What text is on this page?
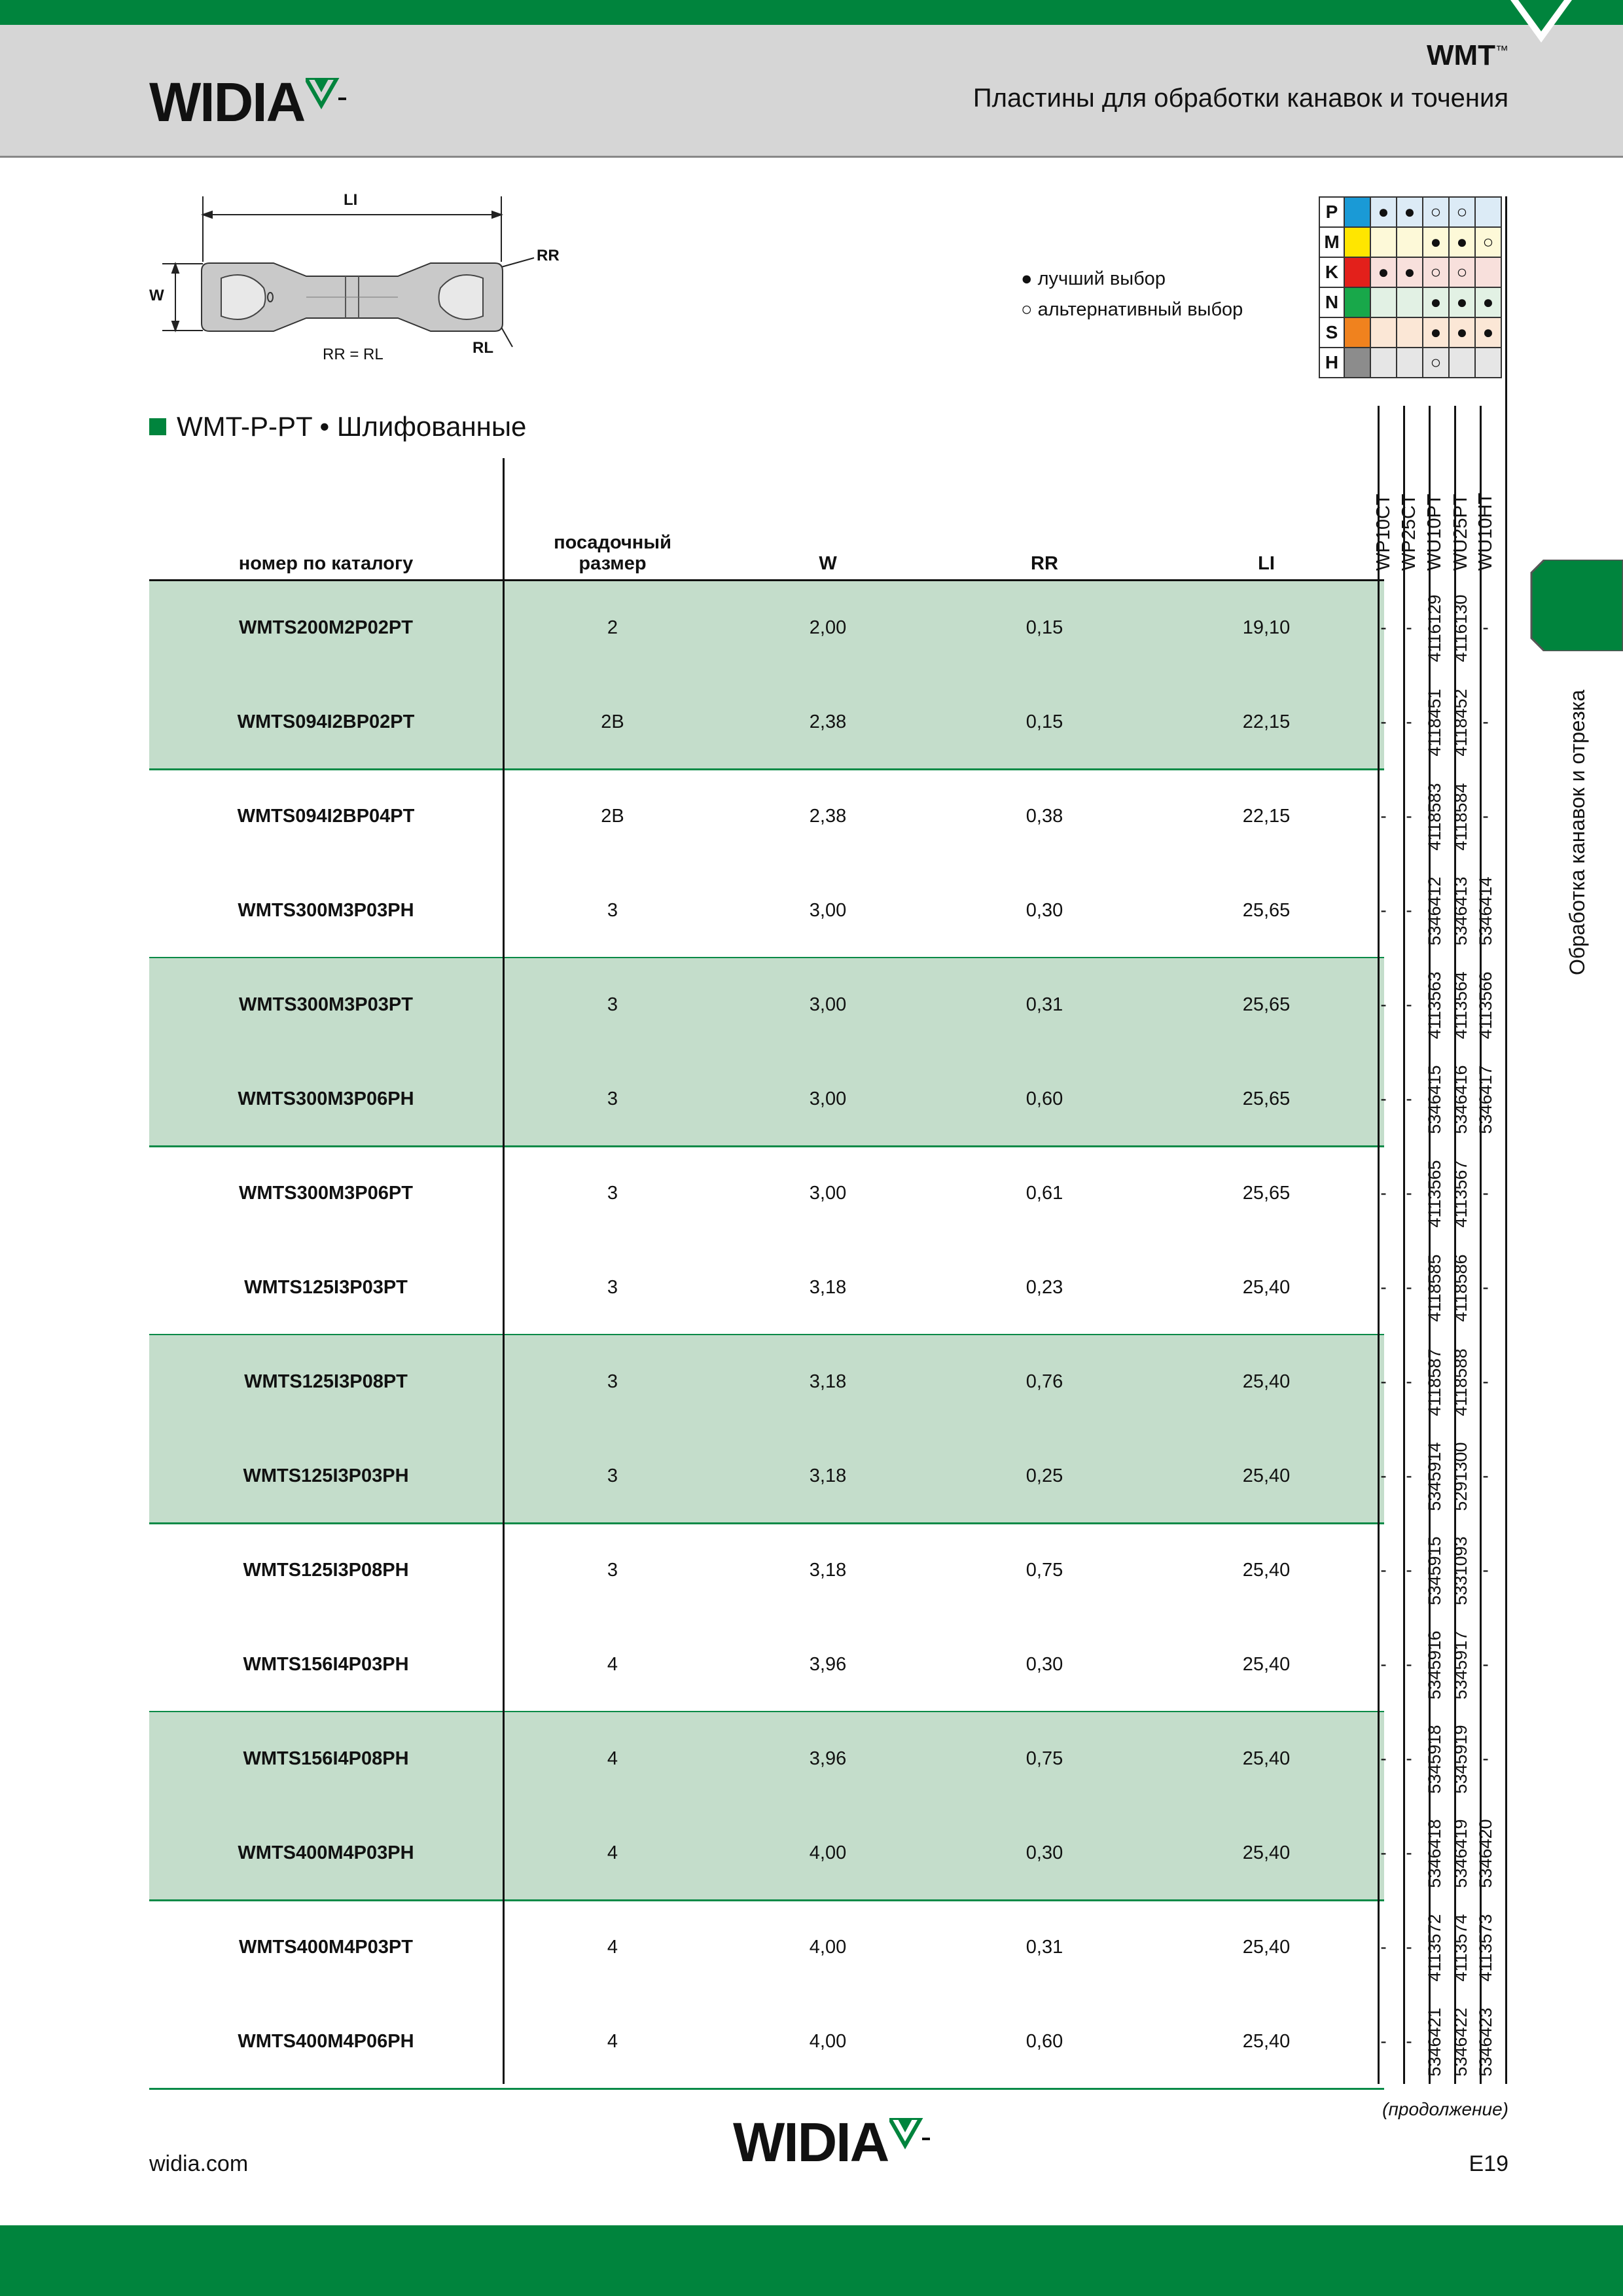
WIDIA
WMT™
Пластины для обработки канавок и точения
LI
W
RR
RL
RR = RL
● лучший выбор
○ альтернативный выбор
P		●	●	○	○	
M				●	●	○
K		●	●	○	○	
N				●	●	●
S				●	●	●
H				○		
WMT-P-PT • Шлифованные
номер по каталогу
посадочный
размер	W	RR	LI	WP10CT WP25CT WU10PT WU25PT WU10HT
WMTS200M2P02PT	2	2,00	0,15	19,10	- - 4116129 4116130 -
WMTS094I2BP02PT	2B	2,38	0,15	22,15	- - 4118451 4118452 -
WMTS094I2BP04PT	2B	2,38	0,38	22,15	- - 4118583 4118584 -
WMTS300M3P03PH	3	3,00	0,30	25,65	- - 5346412 5346413 5346414
WMTS300M3P03PT	3	3,00	0,31	25,65	- - 4113563 4113564 4113566
WMTS300M3P06PH	3	3,00	0,60	25,65	- - 5346415 5346416 5346417
WMTS300M3P06PT	3	3,00	0,61	25,65	- - 4113565 4113567 -
WMTS125I3P03PT	3	3,18	0,23	25,40	- - 4118585 4118586 -
WMTS125I3P08PT	3	3,18	0,76	25,40	- - 4118587 4118588 -
WMTS125I3P03PH	3	3,18	0,25	25,40	- - 5345914 5291300 -
WMTS125I3P08PH	3	3,18	0,75	25,40	- - 5345915 5331093 -
WMTS156I4P03PH	4	3,96	0,30	25,40	- - 5345916 5345917 -
WMTS156I4P08PH	4	3,96	0,75	25,40	- - 5345918 5345919 -
WMTS400M4P03PH	4	4,00	0,30	25,40	- - 5346418 5346419 5346420
WMTS400M4P03PT	4	4,00	0,31	25,40	- - 4113572 4113574 4113573
WMTS400M4P06PH	4	4,00	0,60	25,40	- - 5346421 5346422 5346423
Обработка канавок и отрезка
(продолжение)
widia.com	WIDIA	E19
